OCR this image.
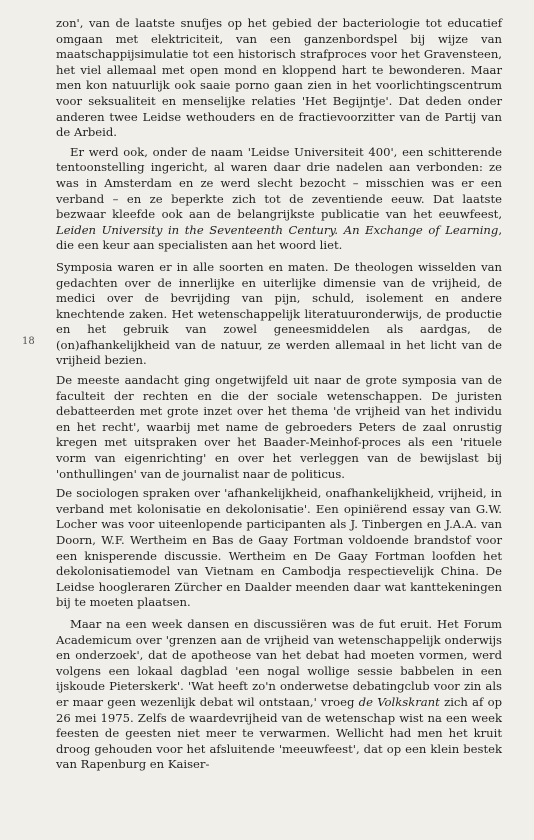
18

zon', van de laatste snufjes op het gebied der bacteriologie tot educatief omgaan met elektriciteit, van een ganzenbordspel bij wijze van maatschappijsimulatie tot een historisch strafproces voor het Gravensteen, het viel allemaal met open mond en kloppend hart te bewonderen. Maar men kon natuurlijk ook saaie porno gaan zien in het voorlichtingscentrum voor seksualiteit en menselijke relaties 'Het Begijntje'. Dat deden onder anderen twee Leidse wethouders en de fractievoorzitter van de Partij van de Arbeid.

Er werd ook, onder de naam 'Leidse Universiteit 400', een schitterende tentoonstelling ingericht, al waren daar drie nadelen aan verbonden: ze was in Amsterdam en ze werd slecht bezocht – misschien was er een verband – en ze beperkte zich tot de zeventiende eeuw. Dat laatste bezwaar kleefde ook aan de belangrijkste publicatie van het eeuwfeest, Leiden University in the Seventeenth Century. An Exchange of Learning, die een keur aan specialisten aan het woord liet.

Symposia waren er in alle soorten en maten. De theologen wisselden van gedachten over de innerlijke en uiterlijke dimensie van de vrijheid, de medici over de bevrijding van pijn, schuld, isolement en andere knechtende zaken. Het wetenschappelijk literatuuronderwijs, de productie en het gebruik van zowel geneesmiddelen als aardgas, de (on)afhankelijkheid van de natuur, ze werden allemaal in het licht van de vrijheid bezien.

De meeste aandacht ging ongetwijfeld uit naar de grote symposia van de faculteit der rechten en die der sociale wetenschappen. De juristen debatteerden met grote inzet over het thema 'de vrijheid van het individu en het recht', waarbij met name de gebroeders Peters de zaal onrustig kregen met uitspraken over het Baader-Meinhof-proces als een 'rituele vorm van eigenrichting' en over het verleggen van de bewijslast bij 'onthullingen' van de journalist naar de politicus.

De sociologen spraken over 'afhankelijkheid, onafhankelijkheid, vrijheid, in verband met kolonisatie en dekolonisatie'. Een opiniërend essay van G.W. Locher was voor uiteenlopende participanten als J. Tinbergen en J.A.A. van Doorn, W.F. Wertheim en Bas de Gaay Fortman voldoende brandstof voor een knisperende discussie. Wertheim en De Gaay Fortman loofden het dekolonisatiemodel van Vietnam en Cambodja respectievelijk China. De Leidse hoogleraren Zürcher en Daalder meenden daar wat kanttekeningen bij te moeten plaatsen.

Maar na een week dansen en discussiëren was de fut eruit. Het Forum Academicum over 'grenzen aan de vrijheid van wetenschappelijk onderwijs en onderzoek', dat de apotheose van het debat had moeten vormen, werd volgens een lokaal dagblad 'een nogal wollige sessie babbelen in een ijskoude Pieterskerk'. 'Wat heeft zo'n onderwetse debatingclub voor zin als er maar geen wezenlijk debat wil ontstaan,' vroeg de Volkskrant zich af op 26 mei 1975. Zelfs de waardevrijheid van de wetenschap wist na een week feesten de geesten niet meer te verwarmen. Wellicht had men het kruit droog gehouden voor het afsluitende 'meeuwfeest', dat op een klein bestek van Rapenburg en Kaiser-
